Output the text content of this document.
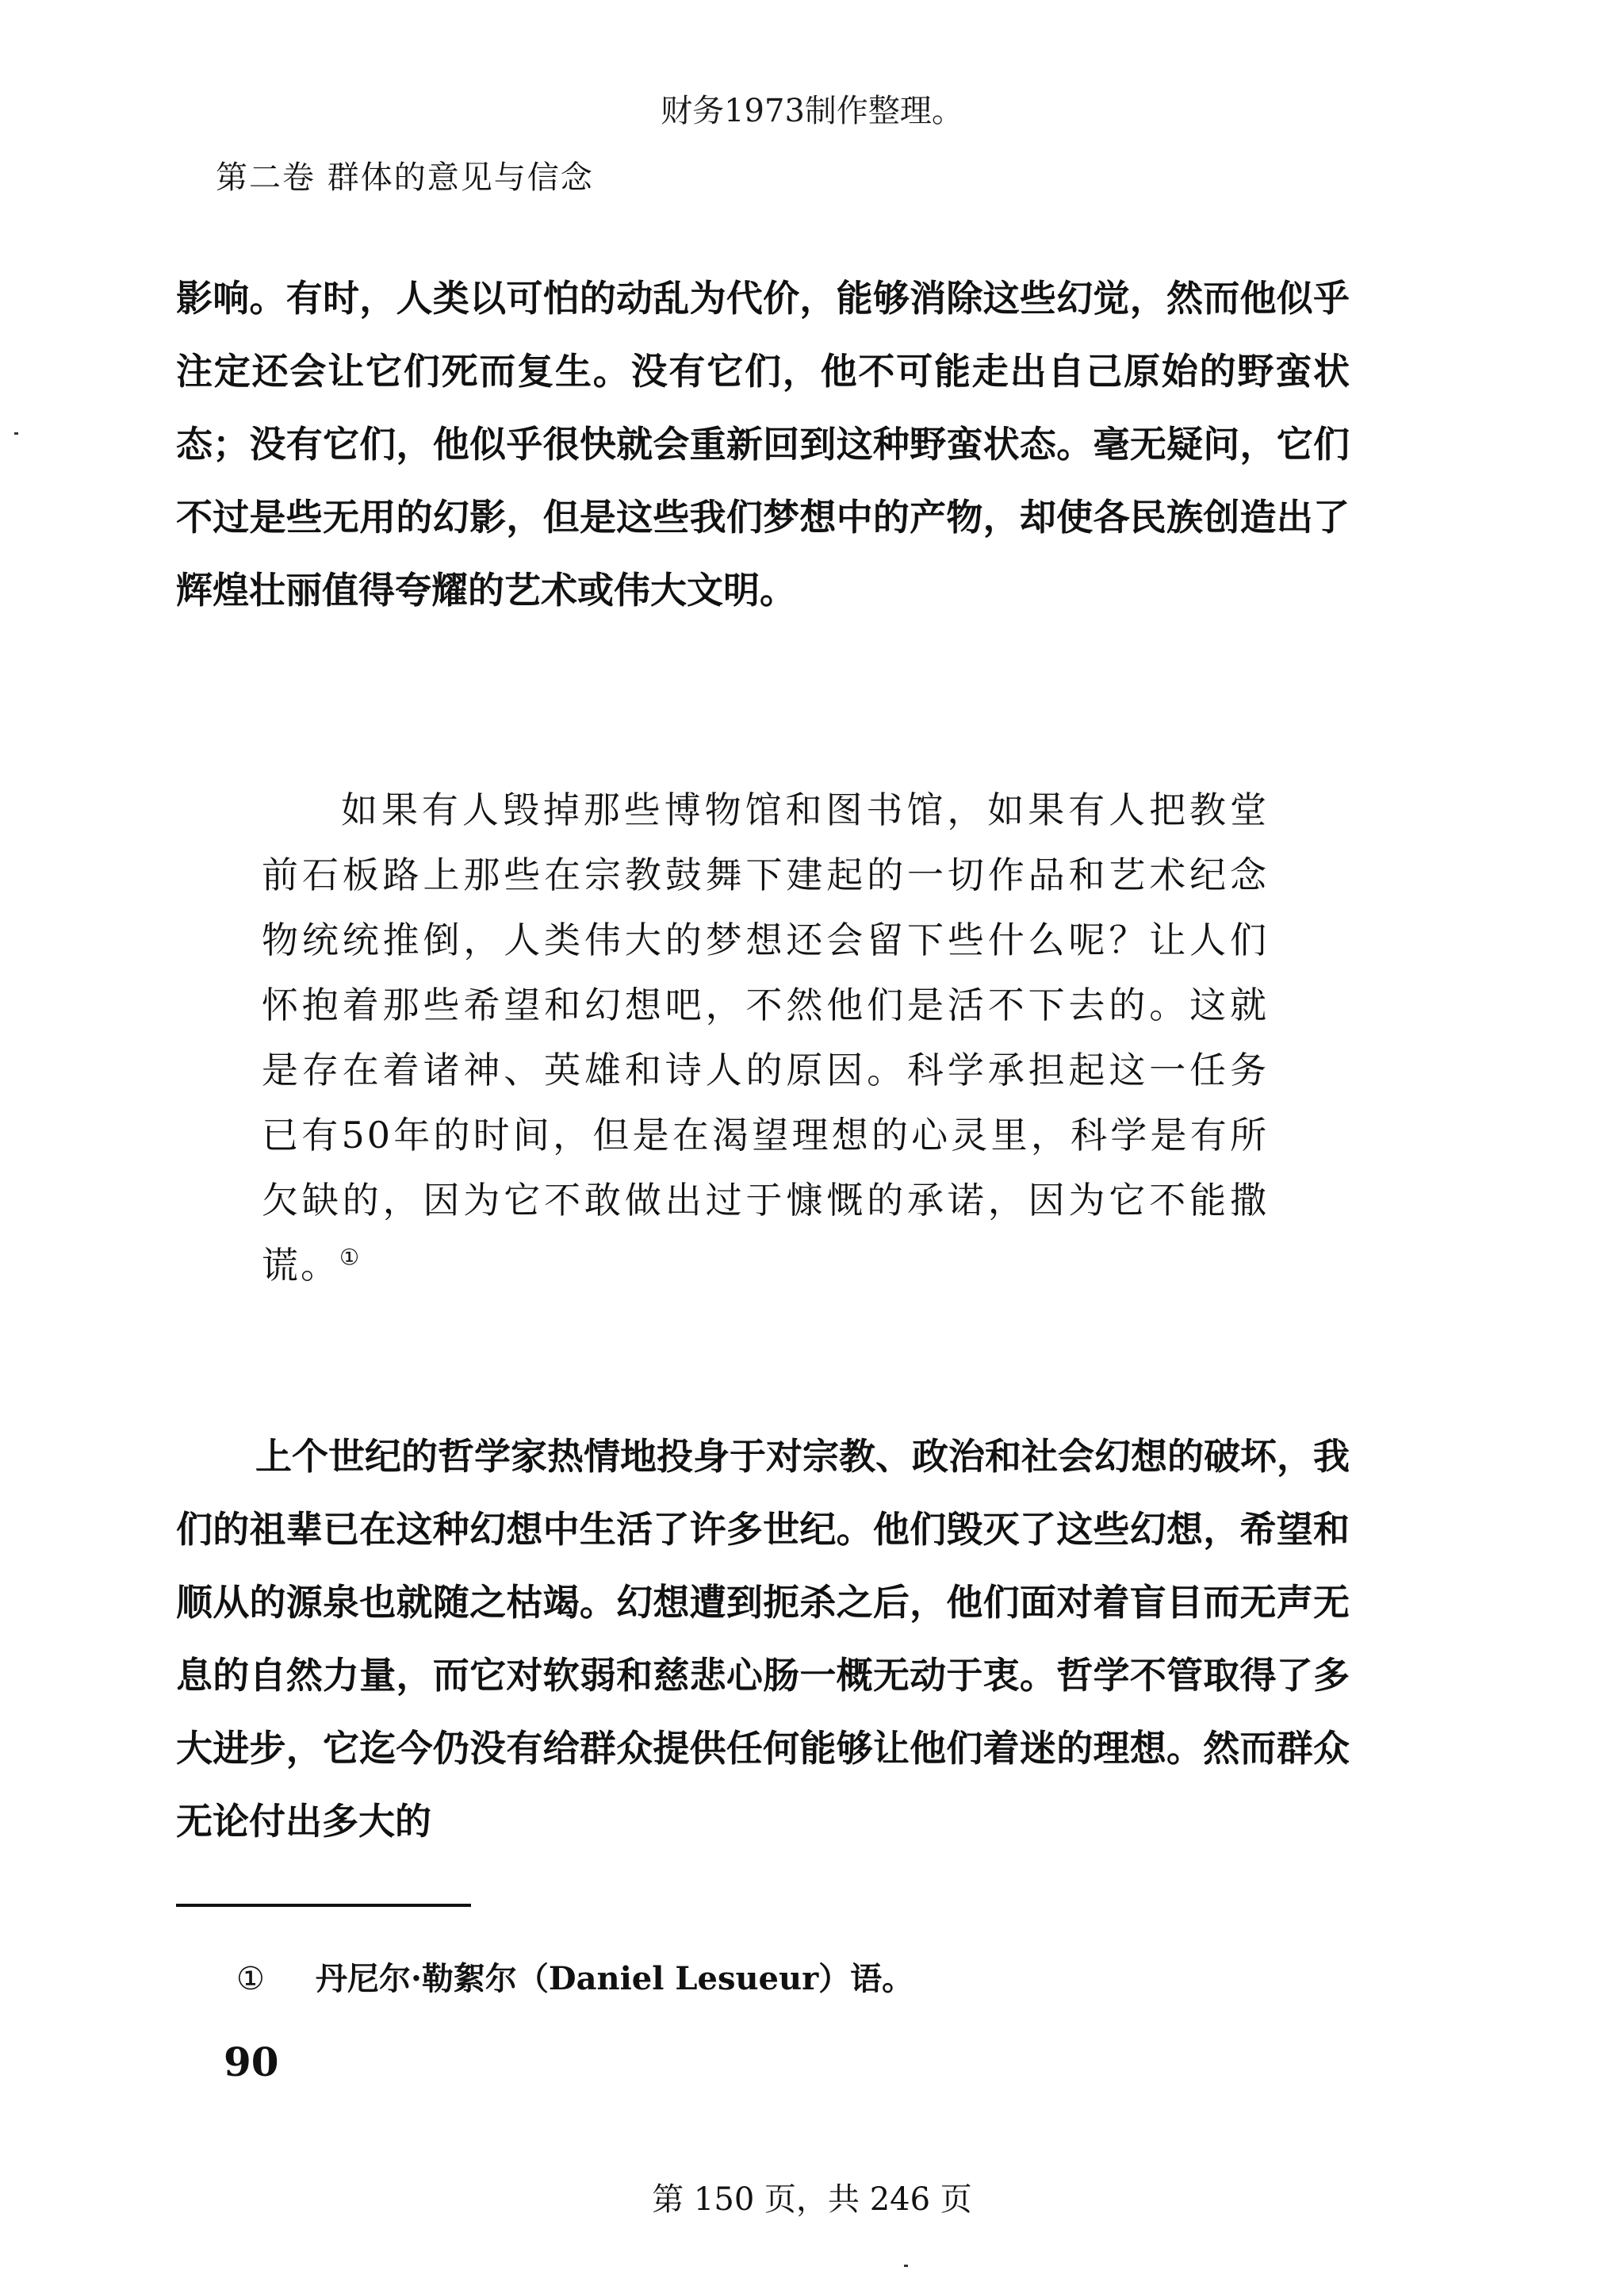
财务1973制作整理。
第二卷 群体的意见与信念

影响。有时，人类以可怕的动乱为代价，能够消除这些幻觉，然而他似乎注定还会让它们死而复生。没有它们，他不可能走出自己原始的野蛮状态；没有它们，他似乎很快就会重新回到这种野蛮状态。毫无疑问，它们不过是些无用的幻影，但是这些我们梦想中的产物，却使各民族创造出了辉煌壮丽值得夸耀的艺术或伟大文明。

如果有人毁掉那些博物馆和图书馆，如果有人把教堂前石板路上那些在宗教鼓舞下建起的一切作品和艺术纪念物统统推倒，人类伟大的梦想还会留下些什么呢？让人们怀抱着那些希望和幻想吧，不然他们是活不下去的。这就是存在着诸神、英雄和诗人的原因。科学承担起这一任务已有50年的时间，但是在渴望理想的心灵里，科学是有所欠缺的，因为它不敢做出过于慷慨的承诺，因为它不能撒谎。①

上个世纪的哲学家热情地投身于对宗教、政治和社会幻想的破坏，我们的祖辈已在这种幻想中生活了许多世纪。他们毁灭了这些幻想，希望和顺从的源泉也就随之枯竭。幻想遭到扼杀之后，他们面对着盲目而无声无息的自然力量，而它对软弱和慈悲心肠一概无动于衷。哲学不管取得了多大进步，它迄今仍没有给群众提供任何能够让他们着迷的理想。然而群众无论付出多大的

① 丹尼尔·勒絮尔（Daniel Lesueur）语。
90
第 150 页，共 246 页
